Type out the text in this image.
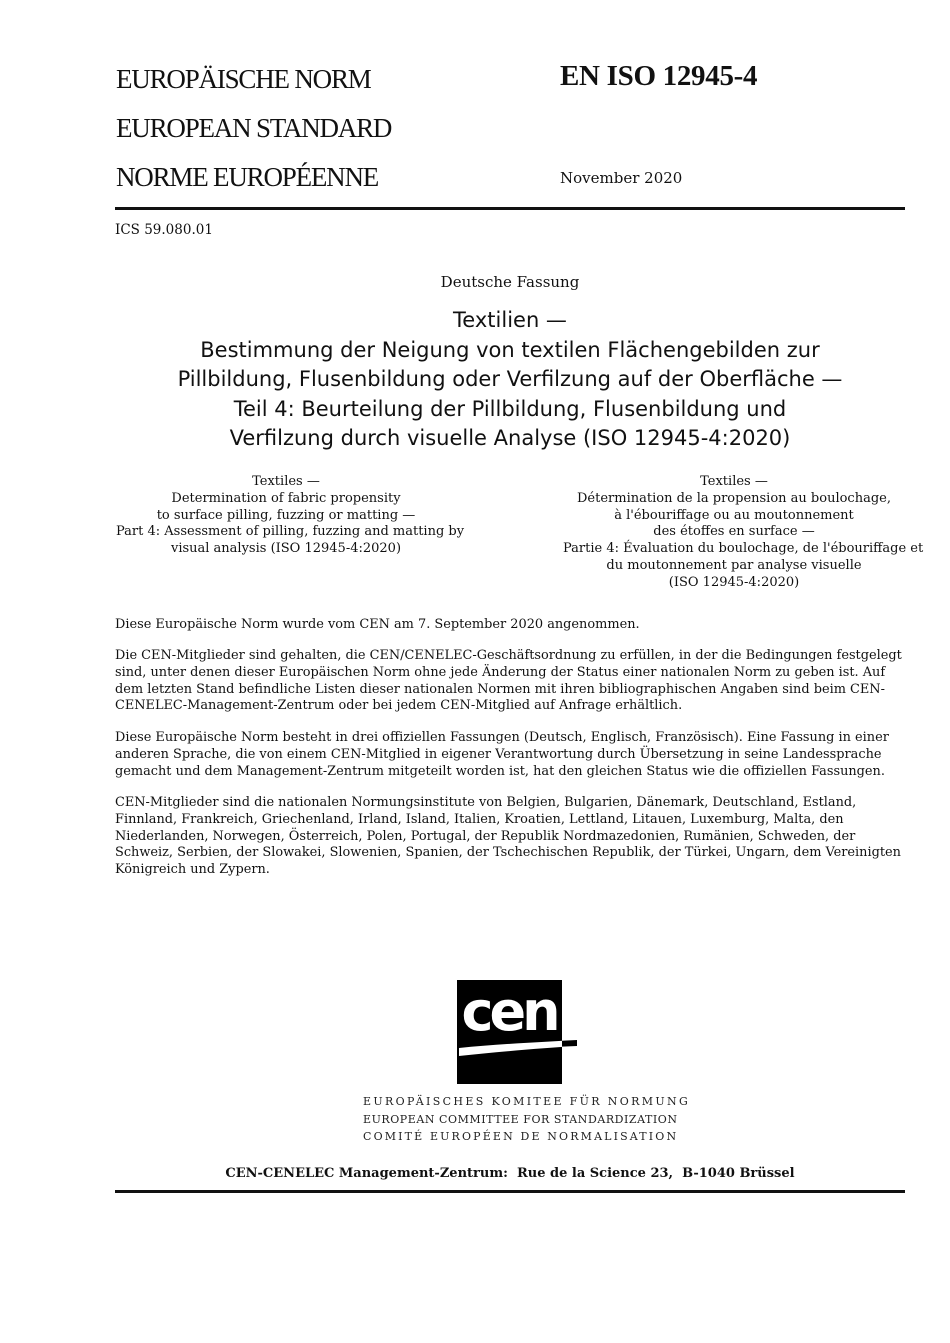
EUROPÄISCHE NORM
EUROPEAN STANDARD
NORME EUROPÉENNE
EN ISO 12945-4
November 2020
ICS 59.080.01
Deutsche Fassung
Textilien —
Bestimmung der Neigung von textilen Flächengebilden zur
Pillbildung, Flusenbildung oder Verfilzung auf der Oberfläche —
Teil 4: Beurteilung der Pillbildung, Flusenbildung und
Verfilzung durch visuelle Analyse (ISO 12945-4:2020)
Textiles —
Determination of fabric propensity
to surface pilling, fuzzing or matting —
Part 4: Assessment of pilling, fuzzing and matting by
visual analysis (ISO 12945-4:2020)
Textiles —
Détermination de la propension au boulochage,
à l'ébouriffage ou au moutonnement
des étoffes en surface —
Partie 4: Évaluation du boulochage, de l'ébouriffage et
du moutonnement par analyse visuelle
(ISO 12945-4:2020)

Diese Europäische Norm wurde vom CEN am 7. September 2020 angenommen.

Die CEN-Mitglieder sind gehalten, die CEN/CENELEC-Geschäftsordnung zu erfüllen, in der die Bedingungen festgelegt sind, unter denen dieser Europäischen Norm ohne jede Änderung der Status einer nationalen Norm zu geben ist. Auf dem letzten Stand befindliche Listen dieser nationalen Normen mit ihren bibliographischen Angaben sind beim CEN-CENELEC-Management-Zentrum oder bei jedem CEN-Mitglied auf Anfrage erhältlich.

Diese Europäische Norm besteht in drei offiziellen Fassungen (Deutsch, Englisch, Französisch). Eine Fassung in einer anderen Sprache, die von einem CEN-Mitglied in eigener Verantwortung durch Übersetzung in seine Landessprache gemacht und dem Management-Zentrum mitgeteilt worden ist, hat den gleichen Status wie die offiziellen Fassungen.

CEN-Mitglieder sind die nationalen Normungsinstitute von Belgien, Bulgarien, Dänemark, Deutschland, Estland, Finnland, Frankreich, Griechenland, Irland, Island, Italien, Kroatien, Lettland, Litauen, Luxemburg, Malta, den Niederlanden, Norwegen, Österreich, Polen, Portugal, der Republik Nordmazedonien, Rumänien, Schweden, der Schweiz, Serbien, der Slowakei, Slowenien, Spanien, der Tschechischen Republik, der Türkei, Ungarn, dem Vereinigten Königreich und Zypern.

cen
EUROPÄISCHES KOMITEE FÜR NORMUNG
EUROPEAN COMMITTEE FOR STANDARDIZATION
COMITÉ EUROPÉEN DE NORMALISATION
CEN-CENELEC Management-Zentrum:  Rue de la Science 23,  B-1040 Brüssel
